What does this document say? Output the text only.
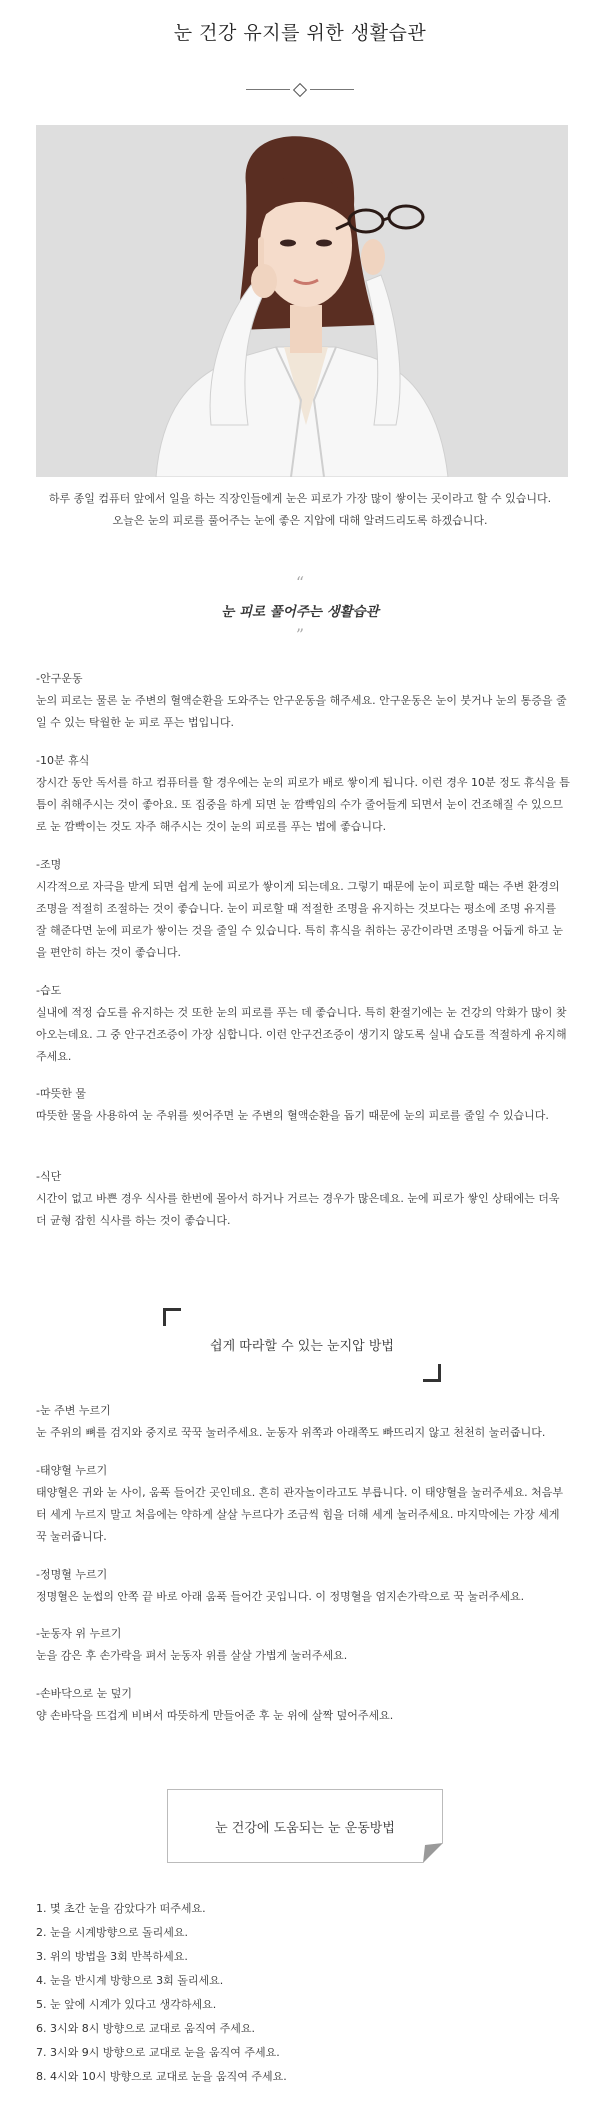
눈 건강 유지를 위한 생활습관
하루 종일 컴퓨터 앞에서 일을 하는 직장인들에게 눈은 피로가 가장 많이 쌓이는 곳이라고 할 수 있습니다.
오늘은 눈의 피로를 풀어주는 눈에 좋은 지압에 대해 알려드리도록 하겠습니다.
“
눈 피로 풀어주는 생활습관
”
-안구운동

눈의 피로는 물론 눈 주변의 혈액순환을 도와주는 안구운동을 해주세요. 안구운동은 눈이 붓거나 눈의 통증을 줄일 수 있는 탁월한 눈 피로 푸는 법입니다.

-10분 휴식

장시간 동안 독서를 하고 컴퓨터를 할 경우에는 눈의 피로가 배로 쌓이게 됩니다. 이런 경우 10분 정도 휴식을 틈틈이 취해주시는 것이 좋아요. 또 집중을 하게 되면 눈 깜빡임의 수가 줄어들게 되면서 눈이 건조해질 수 있으므로 눈 깜빡이는 것도 자주 해주시는 것이 눈의 피로를 푸는 법에 좋습니다.

-조명

시각적으로 자극을 받게 되면 쉽게 눈에 피로가 쌓이게 되는데요. 그렇기 때문에 눈이 피로할 때는 주변 환경의 조명을 적절히 조절하는 것이 좋습니다. 눈이 피로할 때 적절한 조명을 유지하는 것보다는 평소에 조명 유지를 잘 해준다면 눈에 피로가 쌓이는 것을 줄일 수 있습니다. 특히 휴식을 취하는 공간이라면 조명을 어둡게 하고 눈을 편안히 하는 것이 좋습니다.

-습도

실내에 적정 습도를 유지하는 것 또한 눈의 피로를 푸는 데 좋습니다. 특히 환절기에는 눈 건강의 악화가 많이 찾아오는데요. 그 중 안구건조증이 가장 심합니다. 이런 안구건조증이 생기지 않도록 실내 습도를 적절하게 유지해주세요.

-따뜻한 물

따뜻한 물을 사용하여 눈 주위를 씻어주면 눈 주변의 혈액순환을 돕기 때문에 눈의 피로를 줄일 수 있습니다.

-식단

시간이 없고 바쁜 경우 식사를 한번에 몰아서 하거나 거르는 경우가 많은데요. 눈에 피로가 쌓인 상태에는 더욱 더 균형 잡힌 식사를 하는 것이 좋습니다.

쉽게 따라할 수 있는 눈지압 방법
-눈 주변 누르기

눈 주위의 뼈를 검지와 중지로 꾹꾹 눌러주세요. 눈동자 위쪽과 아래쪽도 빠뜨리지 않고 천천히 눌러줍니다.

-태양혈 누르기

태양혈은 귀와 눈 사이, 움푹 들어간 곳인데요. 흔히 관자놀이라고도 부릅니다. 이 태양혈을 눌러주세요. 처음부터 세게 누르지 말고 처음에는 약하게 살살 누르다가 조금씩 힘을 더해 세게 눌러주세요. 마지막에는 가장 세게 꾹 눌러줍니다.

-정명혈 누르기

정명혈은 눈썹의 안쪽 끝 바로 아래 움푹 들어간 곳입니다. 이 정명혈을 엄지손가락으로 꾹 눌러주세요.

-눈동자 위 누르기

눈을 감은 후 손가락을 펴서 눈동자 위를 살살 가볍게 눌러주세요.

-손바닥으로 눈 덮기

양 손바닥을 뜨겁게 비벼서 따뜻하게 만들어준 후 눈 위에 살짝 덮어주세요.

눈 건강에 도움되는 눈 운동방법
1. 몇 초간 눈을 감았다가 떠주세요.
2. 눈을 시계방향으로 돌리세요.
3. 위의 방법을 3회 반복하세요.
4. 눈을 반시계 방향으로 3회 돌리세요.
5. 눈 앞에 시계가 있다고 생각하세요.
6. 3시와 8시 방향으로 교대로 움직여 주세요.
7. 3시와 9시 방향으로 교대로 눈을 움직여 주세요.
8. 4시와 10시 방향으로 교대로 눈을 움직여 주세요.
